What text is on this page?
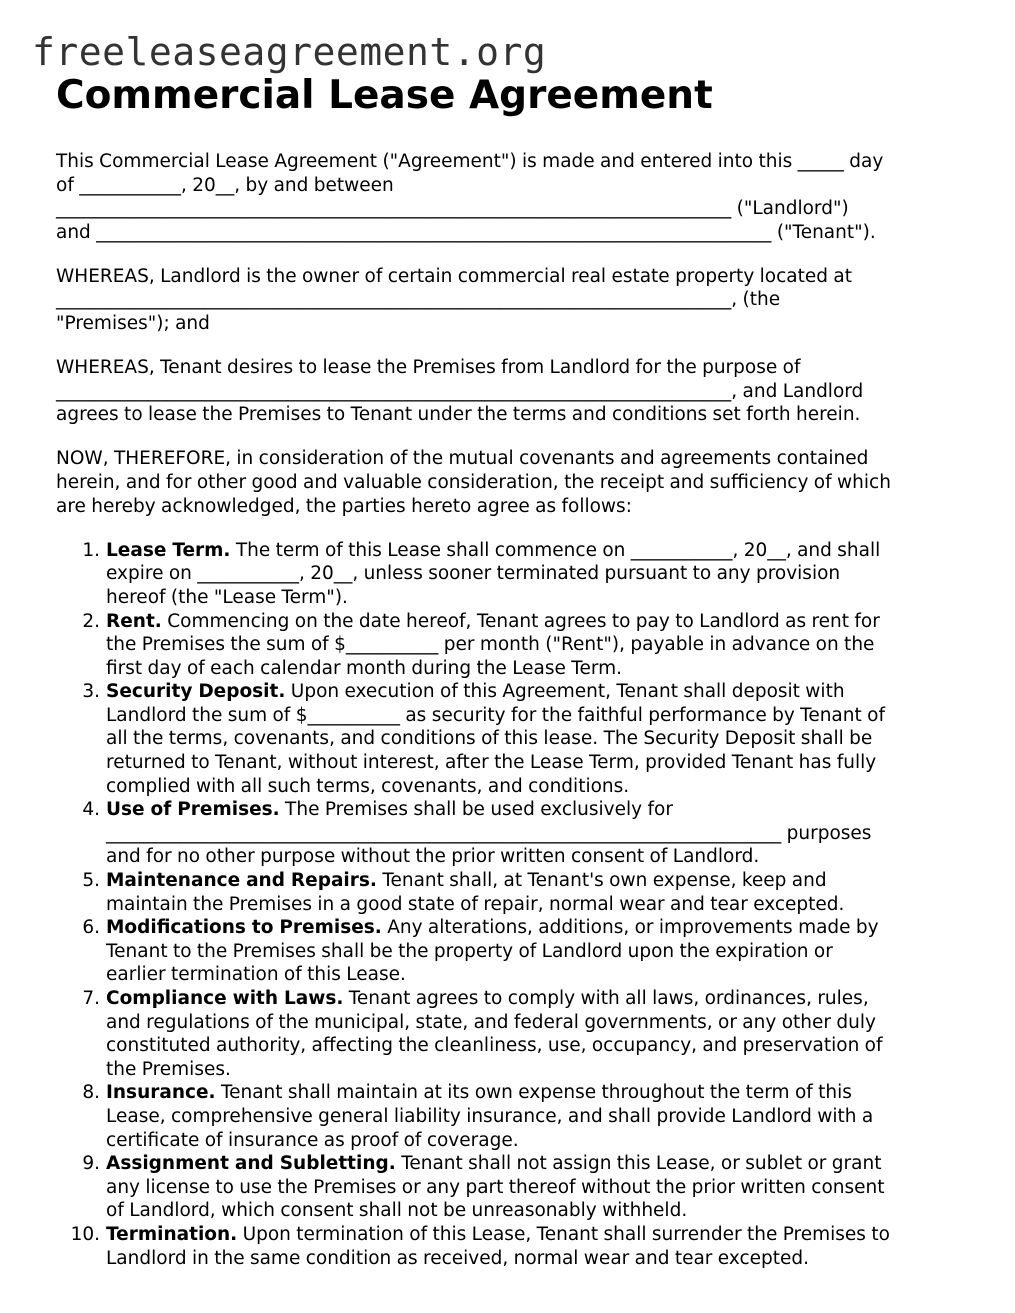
freeleaseagreement.org
Commercial Lease Agreement

This Commercial Lease Agreement ("Agreement") is made and entered into this _____ day
of ___________, 20__, by and between
_________________________________________________________________________ ("Landlord")
and _________________________________________________________________________ ("Tenant").

WHEREAS, Landlord is the owner of certain commercial real estate property located at
_________________________________________________________________________, (the
"Premises"); and

WHEREAS, Tenant desires to lease the Premises from Landlord for the purpose of
_________________________________________________________________________, and Landlord
agrees to lease the Premises to Tenant under the terms and conditions set forth herein.

NOW, THEREFORE, in consideration of the mutual covenants and agreements contained
herein, and for other good and valuable consideration, the receipt and sufficiency of which
are hereby acknowledged, the parties hereto agree as follows:

1. Lease Term. The term of this Lease shall commence on ___________, 20__, and shall
expire on ___________, 20__, unless sooner terminated pursuant to any provision
hereof (the "Lease Term").
2. Rent. Commencing on the date hereof, Tenant agrees to pay to Landlord as rent for
the Premises the sum of $__________ per month ("Rent"), payable in advance on the
first day of each calendar month during the Lease Term.
3. Security Deposit. Upon execution of this Agreement, Tenant shall deposit with
Landlord the sum of $__________ as security for the faithful performance by Tenant of
all the terms, covenants, and conditions of this lease. The Security Deposit shall be
returned to Tenant, without interest, after the Lease Term, provided Tenant has fully
complied with all such terms, covenants, and conditions.
4. Use of Premises. The Premises shall be used exclusively for
_________________________________________________________________________ purposes
and for no other purpose without the prior written consent of Landlord.
5. Maintenance and Repairs. Tenant shall, at Tenant's own expense, keep and
maintain the Premises in a good state of repair, normal wear and tear excepted.
6. Modifications to Premises. Any alterations, additions, or improvements made by
Tenant to the Premises shall be the property of Landlord upon the expiration or
earlier termination of this Lease.
7. Compliance with Laws. Tenant agrees to comply with all laws, ordinances, rules,
and regulations of the municipal, state, and federal governments, or any other duly
constituted authority, affecting the cleanliness, use, occupancy, and preservation of
the Premises.
8. Insurance. Tenant shall maintain at its own expense throughout the term of this
Lease, comprehensive general liability insurance, and shall provide Landlord with a
certificate of insurance as proof of coverage.
9. Assignment and Subletting. Tenant shall not assign this Lease, or sublet or grant
any license to use the Premises or any part thereof without the prior written consent
of Landlord, which consent shall not be unreasonably withheld.
10. Termination. Upon termination of this Lease, Tenant shall surrender the Premises to
Landlord in the same condition as received, normal wear and tear excepted.
